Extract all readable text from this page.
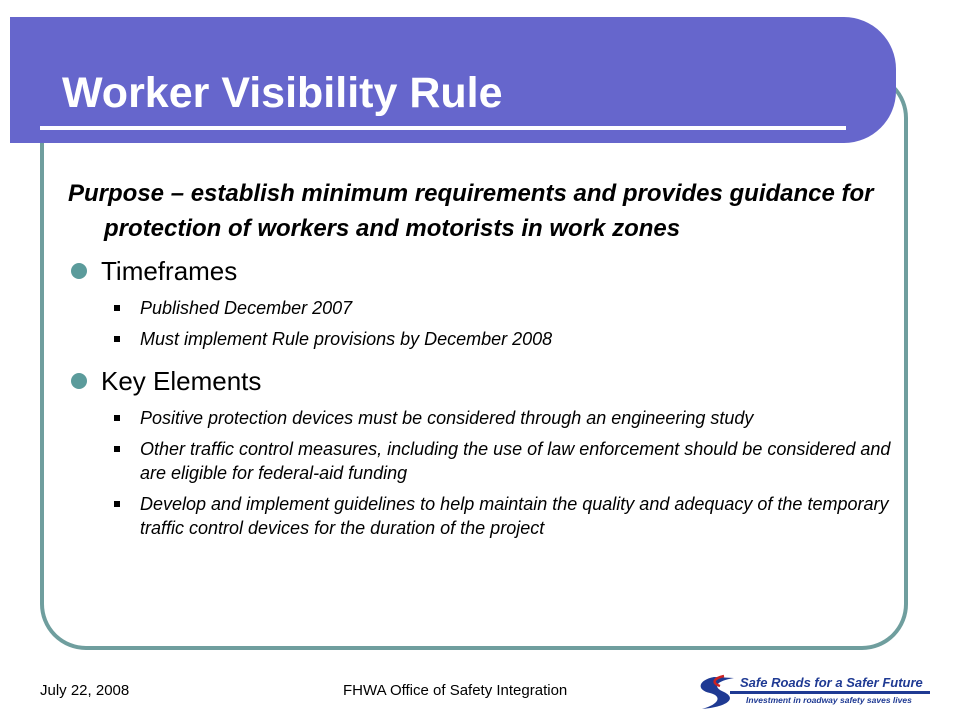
Worker Visibility Rule

Purpose – establish minimum requirements and provides guidance for protection of workers and motorists in work zones

Timeframes
Published December 2007
Must implement Rule provisions by December 2008
Key Elements
Positive protection devices must be considered through an engineering study
Other traffic control measures, including the use of law enforcement should be considered and are eligible for federal-aid funding
Develop and implement guidelines to help maintain the quality and adequacy of the temporary traffic control devices for the duration of the project
July 22, 2008	FHWA Office of Safety Integration	Safe Roads for a Safer Future
Investment in roadway safety saves lives
